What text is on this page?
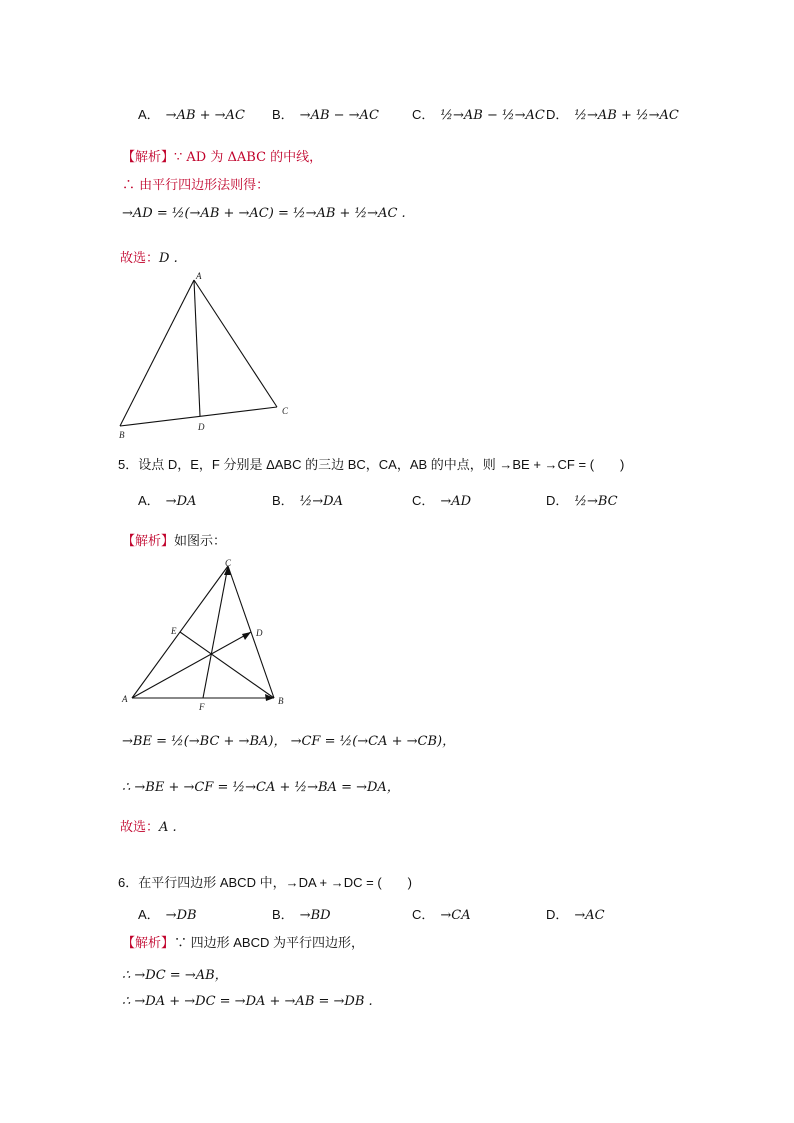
A． →AB + →AC B． →AB − →AC	C． ½→AB − ½→AC D． ½→AB + ½→AC
【解析】∵ AD 为 ΔABC 的中线，
∴ 由平行四边形法则得：
→AD = ½(→AB + →AC) = ½→AB + ½→AC .
故选：D .
A
B
C
D
5．设点 D，E，F 分别是 ΔABC 的三边 BC，CA，AB 的中点，则 →BE + →CF = (　　)
A． →DA	B． ½→DA	C． →AD	D． ½→BC
【解析】如图示：
C
E	D
A	B
F
→BE = ½(→BC + →BA)， →CF = ½(→CA + →CB)，
∴ →BE + →CF = ½→CA + ½→BA = →DA，
故选：A .
6．在平行四边形 ABCD 中，→DA + →DC = (　　)
A． →DB	B． →BD	C． →CA	D． →AC
【解析】∵ 四边形 ABCD 为平行四边形，
∴ →DC = →AB，
∴ →DA + →DC = →DA + →AB = →DB .
